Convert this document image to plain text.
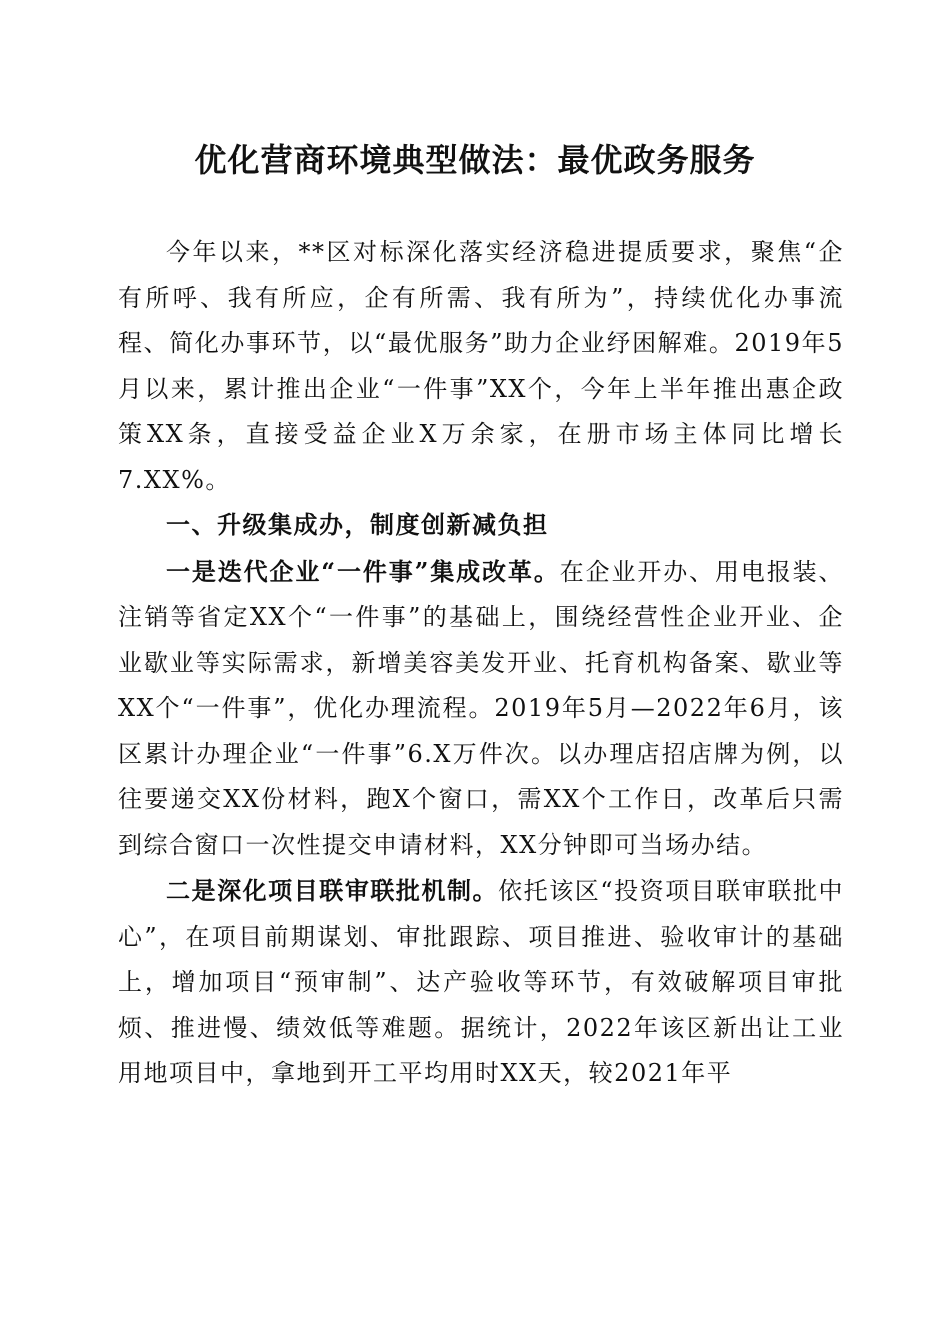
优化营商环境典型做法：最优政务服务

今年以来，**区对标深化落实经济稳进提质要求，聚焦“企有所呼、我有所应，企有所需、我有所为”，持续优化办事流程、简化办事环节，以“最优服务”助力企业纾困解难。2019年5月以来，累计推出企业“一件事”XX个，今年上半年推出惠企政策XX条，直接受益企业X万余家，在册市场主体同比增长7.XX%。

一、升级集成办，制度创新减负担

一是迭代企业“一件事”集成改革。在企业开办、用电报装、注销等省定XX个“一件事”的基础上，围绕经营性企业开业、企业歇业等实际需求，新增美容美发开业、托育机构备案、歇业等XX个“一件事”，优化办理流程。2019年5月—2022年6月，该区累计办理企业“一件事”6.X万件次。以办理店招店牌为例，以往要递交XX份材料，跑X个窗口，需XX个工作日，改革后只需到综合窗口一次性提交申请材料，XX分钟即可当场办结。

二是深化项目联审联批机制。依托该区“投资项目联审联批中心”，在项目前期谋划、审批跟踪、项目推进、验收审计的基础上，增加项目“预审制”、达产验收等环节，有效破解项目审批烦、推进慢、绩效低等难题。据统计，2022年该区新出让工业用地项目中，拿地到开工平均用时XX天，较2021年平
